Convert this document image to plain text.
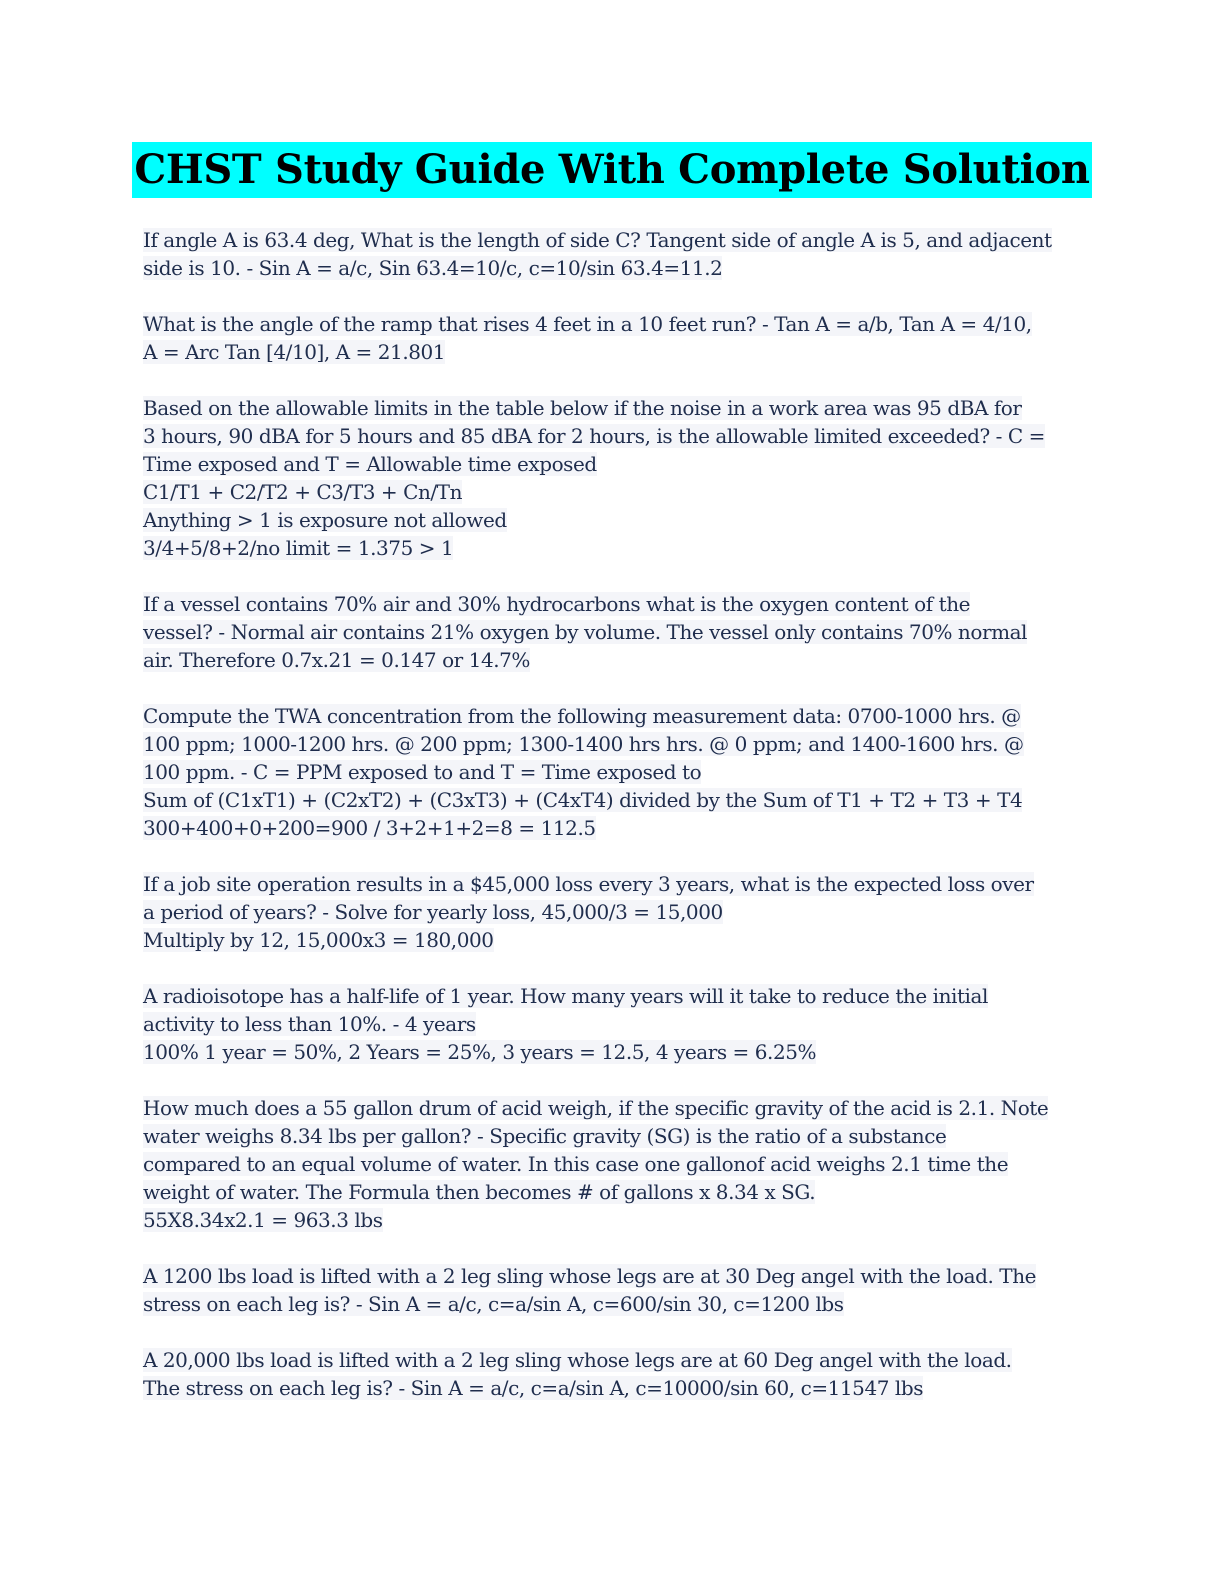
CHST Study Guide With Complete Solution
If angle A is 63.4 deg, What is the length of side C? Tangent side of angle A is 5, and adjacent
side is 10. - Sin A = a/c, Sin 63.4=10/c, c=10/sin 63.4=11.2
What is the angle of the ramp that rises 4 feet in a 10 feet run? - Tan A = a/b, Tan A = 4/10,
A = Arc Tan [4/10], A = 21.801
Based on the allowable limits in the table below if the noise in a work area was 95 dBA for
3 hours, 90 dBA for 5 hours and 85 dBA for 2 hours, is the allowable limited exceeded? - C =
Time exposed and T = Allowable time exposed
C1/T1 + C2/T2 + C3/T3 + Cn/Tn
Anything > 1 is exposure not allowed
3/4+5/8+2/no limit = 1.375 > 1
If a vessel contains 70% air and 30% hydrocarbons what is the oxygen content of the
vessel? - Normal air contains 21% oxygen by volume. The vessel only contains 70% normal
air. Therefore 0.7x.21 = 0.147 or 14.7%
Compute the TWA concentration from the following measurement data: 0700-1000 hrs. @
100 ppm; 1000-1200 hrs. @ 200 ppm; 1300-1400 hrs hrs. @ 0 ppm; and 1400-1600 hrs. @
100 ppm. - C = PPM exposed to and T = Time exposed to
Sum of (C1xT1) + (C2xT2) + (C3xT3) + (C4xT4) divided by the Sum of T1 + T2 + T3 + T4
300+400+0+200=900 / 3+2+1+2=8 = 112.5
If a job site operation results in a $45,000 loss every 3 years, what is the expected loss over
a period of years? - Solve for yearly loss, 45,000/3 = 15,000
Multiply by 12, 15,000x3 = 180,000
A radioisotope has a half-life of 1 year. How many years will it take to reduce the initial
activity to less than 10%. - 4 years
100% 1 year = 50%, 2 Years = 25%, 3 years = 12.5, 4 years = 6.25%
How much does a 55 gallon drum of acid weigh, if the specific gravity of the acid is 2.1. Note
water weighs 8.34 lbs per gallon? - Specific gravity (SG) is the ratio of a substance
compared to an equal volume of water. In this case one gallonof acid weighs 2.1 time the
weight of water. The Formula then becomes # of gallons x 8.34 x SG.
55X8.34x2.1 = 963.3 lbs
A 1200 lbs load is lifted with a 2 leg sling whose legs are at 30 Deg angel with the load. The
stress on each leg is? - Sin A = a/c, c=a/sin A, c=600/sin 30, c=1200 lbs
A 20,000 lbs load is lifted with a 2 leg sling whose legs are at 60 Deg angel with the load.
The stress on each leg is? - Sin A = a/c, c=a/sin A, c=10000/sin 60, c=11547 lbs
